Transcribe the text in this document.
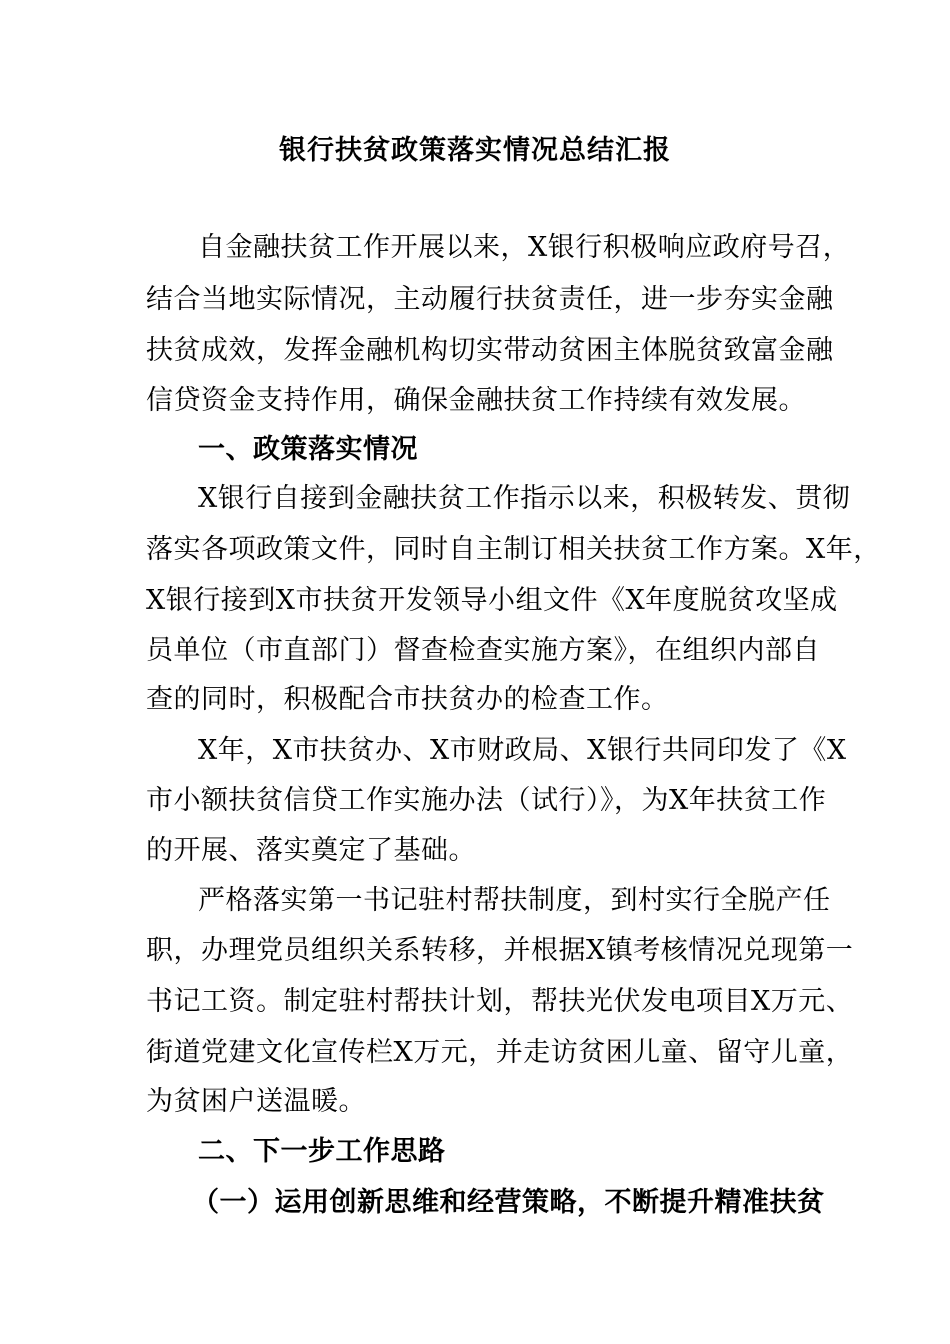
银行扶贫政策落实情况总结汇报
自金融扶贫工作开展以来，X银行积极响应政府号召，
结合当地实际情况，主动履行扶贫责任，进一步夯实金融
扶贫成效，发挥金融机构切实带动贫困主体脱贫致富金融
信贷资金支持作用，确保金融扶贫工作持续有效发展。
一、政策落实情况
X银行自接到金融扶贫工作指示以来，积极转发、贯彻
落实各项政策文件，同时自主制订相关扶贫工作方案。X年，
X银行接到X市扶贫开发领导小组文件《X年度脱贫攻坚成
员单位（市直部门）督查检查实施方案》，在组织内部自
查的同时，积极配合市扶贫办的检查工作。
X年，X市扶贫办、X市财政局、X银行共同印发了《X
市小额扶贫信贷工作实施办法（试行）》，为X年扶贫工作
的开展、落实奠定了基础。
严格落实第一书记驻村帮扶制度，到村实行全脱产任
职，办理党员组织关系转移，并根据X镇考核情况兑现第一
书记工资。制定驻村帮扶计划，帮扶光伏发电项目X万元、
街道党建文化宣传栏X万元，并走访贫困儿童、留守儿童，
为贫困户送温暖。
二、下一步工作思路
（一）运用创新思维和经营策略，不断提升精准扶贫
